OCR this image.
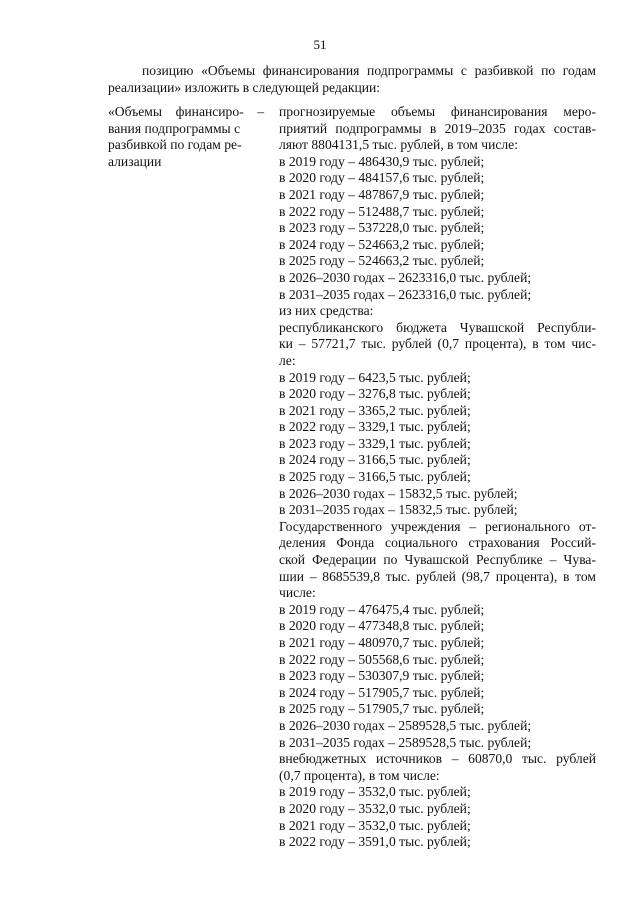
51

позицию «Объемы финансирования подпрограммы с разбивкой по годам

реализации» изложить в следующей редакции:

«Объемы    финансиро-    –
вания подпрограммы с
разбивкой по годам ре-
ализации
прогнозируемые объемы финансирования меро-
приятий подпрограммы в 2019–2035 годах состав-
ляют 8804131,5 тыс. рублей, в том числе:
в 2019 году – 486430,9 тыс. рублей;
в 2020 году – 484157,6 тыс. рублей;
в 2021 году – 487867,9 тыс. рублей;
в 2022 году – 512488,7 тыс. рублей;
в 2023 году – 537228,0 тыс. рублей;
в 2024 году – 524663,2 тыс. рублей;
в 2025 году – 524663,2 тыс. рублей;
в 2026–2030 годах – 2623316,0 тыс. рублей;
в 2031–2035 годах – 2623316,0 тыс. рублей;
из них средства:
республиканского бюджета Чувашской Республи-
ки – 57721,7 тыс. рублей (0,7 процента), в том чис-
ле:
в 2019 году – 6423,5 тыс. рублей;
в 2020 году – 3276,8 тыс. рублей;
в 2021 году – 3365,2 тыс. рублей;
в 2022 году – 3329,1 тыс. рублей;
в 2023 году – 3329,1 тыс. рублей;
в 2024 году – 3166,5 тыс. рублей;
в 2025 году – 3166,5 тыс. рублей;
в 2026–2030 годах – 15832,5 тыс. рублей;
в 2031–2035 годах – 15832,5 тыс. рублей;
Государственного учреждения – регионального от-
деления Фонда социального страхования Россий-
ской Федерации по Чувашской Республике – Чува-
шии – 8685539,8 тыс. рублей (98,7 процента), в том
числе:
в 2019 году – 476475,4 тыс. рублей;
в 2020 году – 477348,8 тыс. рублей;
в 2021 году – 480970,7 тыс. рублей;
в 2022 году – 505568,6 тыс. рублей;
в 2023 году – 530307,9 тыс. рублей;
в 2024 году – 517905,7 тыс. рублей;
в 2025 году – 517905,7 тыс. рублей;
в 2026–2030 годах – 2589528,5 тыс. рублей;
в 2031–2035 годах – 2589528,5 тыс. рублей;
внебюджетных источников – 60870,0 тыс. рублей
(0,7 процента), в том числе:
в 2019 году – 3532,0 тыс. рублей;
в 2020 году – 3532,0 тыс. рублей;
в 2021 году – 3532,0 тыс. рублей;
в 2022 году – 3591,0 тыс. рублей;
